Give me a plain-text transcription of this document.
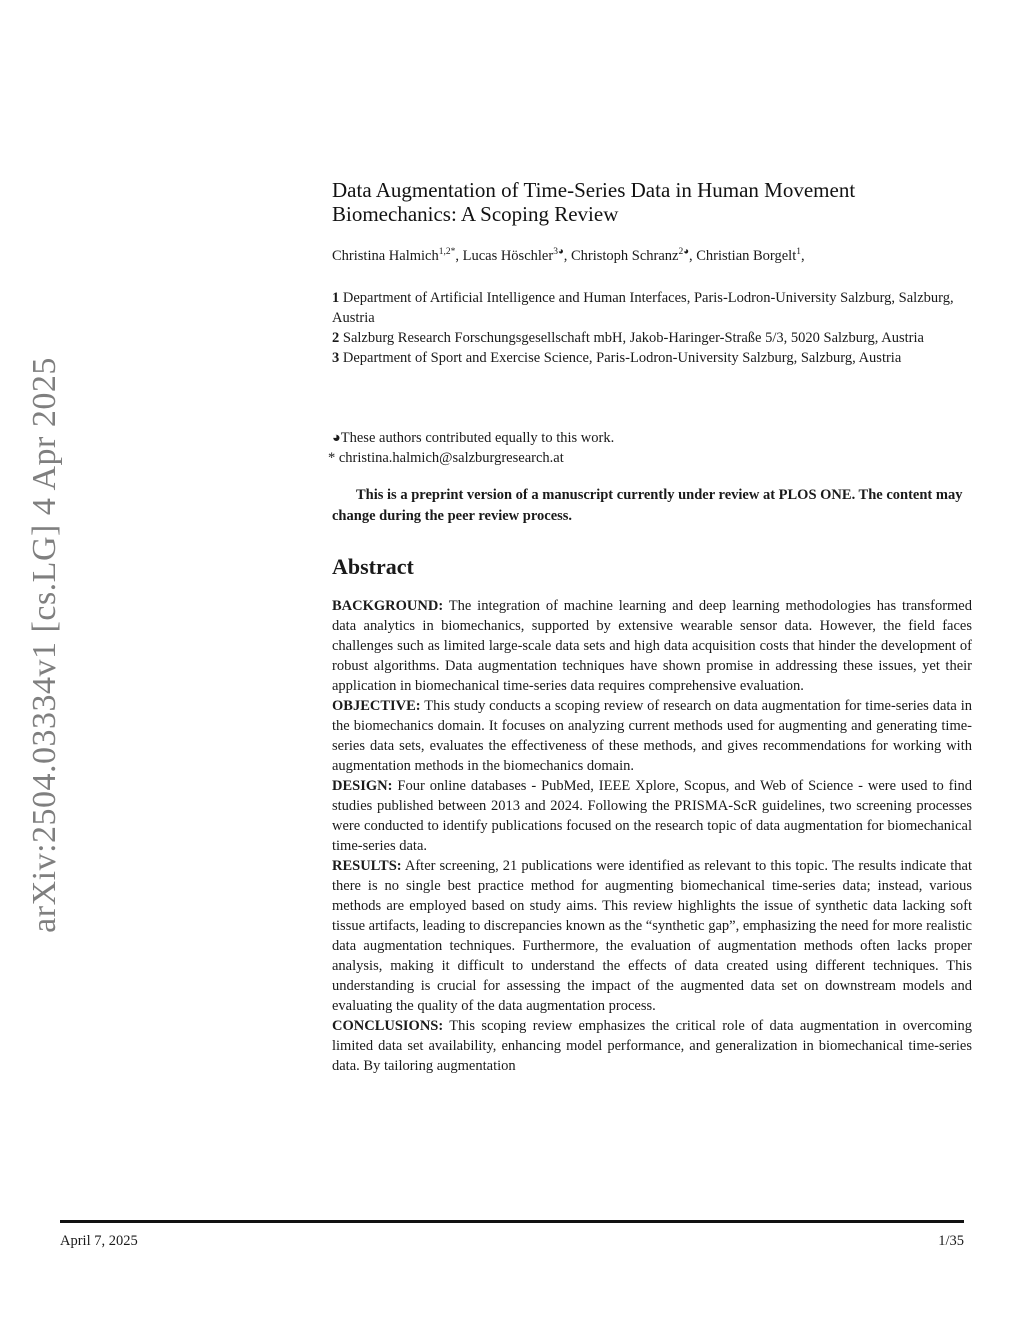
arXiv:2504.03334v1 [cs.LG] 4 Apr 2025
Data Augmentation of Time-Series Data in Human Movement
Biomechanics: A Scoping Review
Christina Halmich$^{1,2*}$, Lucas Höschler$^{3◕}$, Christoph Schranz$^{2◕}$, Christian Borgelt$^1$,
1 Department of Artificial Intelligence and Human Interfaces, Paris-Lodron-University Salzburg, Salzburg, Austria
2 Salzburg Research Forschungsgesellschaft mbH, Jakob-Haringer-Straße 5/3, 5020 Salzburg, Austria
3 Department of Sport and Exercise Science, Paris-Lodron-University Salzburg, Salzburg, Austria
◕These authors contributed equally to this work.
* christina.halmich@salzburgresearch.at
This is a preprint version of a manuscript currently under review at PLOS ONE. The content may change during the peer review process.
Abstract

BACKGROUND: The integration of machine learning and deep learning methodologies has transformed data analytics in biomechanics, supported by extensive wearable sensor data. However, the field faces challenges such as limited large-scale data sets and high data acquisition costs that hinder the development of robust algorithms. Data augmentation techniques have shown promise in addressing these issues, yet their application in biomechanical time-series data requires comprehensive evaluation.

OBJECTIVE: This study conducts a scoping review of research on data augmentation for time-series data in the biomechanics domain. It focuses on analyzing current methods used for augmenting and generating time-series data sets, evaluates the effectiveness of these methods, and gives recommendations for working with augmentation methods in the biomechanics domain.

DESIGN: Four online databases - PubMed, IEEE Xplore, Scopus, and Web of Science - were used to find studies published between 2013 and 2024. Following the PRISMA-ScR guidelines, two screening processes were conducted to identify publications focused on the research topic of data augmentation for biomechanical time-series data.

RESULTS: After screening, 21 publications were identified as relevant to this topic. The results indicate that there is no single best practice method for augmenting biomechanical time-series data; instead, various methods are employed based on study aims. This review highlights the issue of synthetic data lacking soft tissue artifacts, leading to discrepancies known as the “synthetic gap”, emphasizing the need for more realistic data augmentation techniques. Furthermore, the evaluation of augmentation methods often lacks proper analysis, making it difficult to understand the effects of data created using different techniques. This understanding is crucial for assessing the impact of the augmented data set on downstream models and evaluating the quality of the data augmentation process.

CONCLUSIONS: This scoping review emphasizes the critical role of data augmentation in overcoming limited data set availability, enhancing model performance, and generalization in biomechanical time-series data. By tailoring augmentation

April 7, 2025	1/35
